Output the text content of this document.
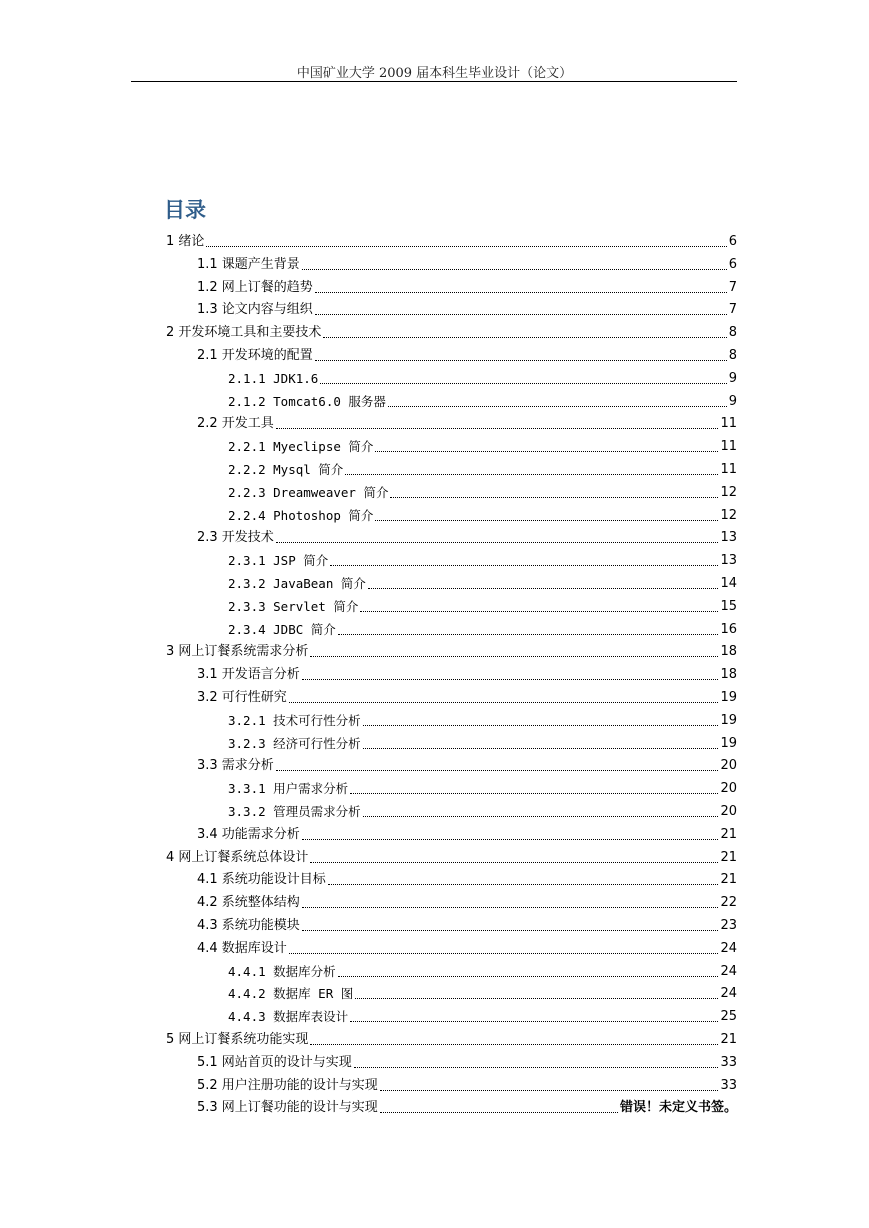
中国矿业大学 2009 届本科生毕业设计（论文）
目录
1 绪论	6
1.1 课题产生背景	6
1.2 网上订餐的趋势	7
1.3 论文内容与组织	7
2 开发环境工具和主要技术	8
2.1 开发环境的配置	8
2.1.1 JDK1.6	9
2.1.2 Tomcat6.0 服务器	9
2.2 开发工具	11
2.2.1 Myeclipse 简介	11
2.2.2 Mysql 简介	11
2.2.3 Dreamweaver 简介	12
2.2.4 Photoshop 简介	12
2.3 开发技术	13
2.3.1 JSP 简介	13
2.3.2 JavaBean 简介	14
2.3.3 Servlet 简介	15
2.3.4 JDBC 简介	16
3 网上订餐系统需求分析	18
3.1 开发语言分析	18
3.2 可行性研究	19
3.2.1 技术可行性分析	19
3.2.3 经济可行性分析	19
3.3 需求分析	20
3.3.1 用户需求分析	20
3.3.2 管理员需求分析	20
3.4 功能需求分析	21
4 网上订餐系统总体设计	21
4.1 系统功能设计目标	21
4.2 系统整体结构	22
4.3 系统功能模块	23
4.4 数据库设计	24
4.4.1 数据库分析	24
4.4.2 数据库 ER 图	24
4.4.3 数据库表设计	25
5 网上订餐系统功能实现	21
5.1 网站首页的设计与实现	33
5.2 用户注册功能的设计与实现	33
5.3 网上订餐功能的设计与实现	错误！未定义书签。
